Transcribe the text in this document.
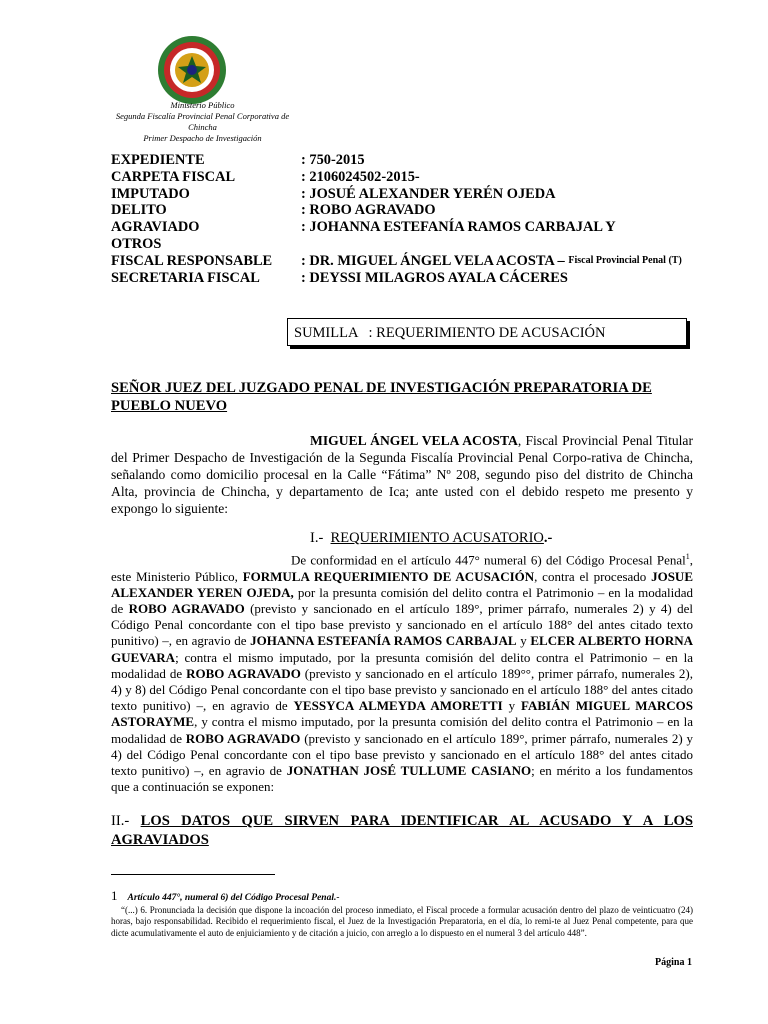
Ministerio Público
Segunda Fiscalía Provincial Penal Corporativa de Chincha
Primer Despacho de Investigación
EXPEDIENTE	: 750-2015
CARPETA FISCAL	: 2106024502-2015-
IMPUTADO	: JOSUÉ ALEXANDER YERÉN OJEDA
DELITO	: ROBO AGRAVADO
AGRAVIADO	: JOHANNA ESTEFANÍA RAMOS CARBAJAL Y
OTROS
FISCAL RESPONSABLE	: DR. MIGUEL ÁNGEL VELA ACOSTA –
Fiscal Provincial Penal (T)
SECRETARIA FISCAL	: DEYSSI MILAGROS AYALA CÁCERES
SUMILLA   : REQUERIMIENTO DE ACUSACIÓN
SEÑOR JUEZ DEL JUZGADO PENAL DE INVESTIGACIÓN PREPARATORIA DE PUEBLO NUEVO
MIGUEL ÁNGEL VELA ACOSTA, Fiscal Provincial Penal Titular del Primer Despacho de Investigación de la Segunda Fiscalía Provincial Penal Corpo-rativa de Chincha, señalando como domicilio procesal en la Calle “Fátima” Nº 208, segundo piso del distrito de Chincha Alta, provincia de Chincha, y departamento de Ica; ante usted con el debido respeto me presento y expongo lo siguiente:
I.- REQUERIMIENTO ACUSATORIO.-
De conformidad en el artículo 447° numeral 6) del Código Procesal Penal$^1$, este Ministerio Público, FORMULA REQUERIMIENTO DE ACUSACIÓN, contra el procesado JOSUE ALEXANDER YEREN OJEDA, por la presunta comisión del delito contra el Patrimonio – en la modalidad de ROBO AGRAVADO (previsto y sancionado en el artículo 189°, primer párrafo, numerales 2) y 4) del Código Penal concordante con el tipo base previsto y sancionado en el artículo 188° del antes citado texto punitivo) –, en agravio de JOHANNA ESTEFANÍA RAMOS CARBAJAL y ELCER ALBERTO HORNA GUEVARA; contra el mismo imputado, por la presunta comisión del delito contra el Patrimonio – en la modalidad de ROBO AGRAVADO (previsto y sancionado en el artículo 189°°, primer párrafo, numerales 2), 4) y 8) del Código Penal concordante con el tipo base previsto y sancionado en el artículo 188° del antes citado texto punitivo) –, en agravio de YESSYCA ALMEYDA AMORETTI y FABIÁN MIGUEL MARCOS ASTORAYME, y contra el mismo imputado, por la presunta comisión del delito contra el Patrimonio – en la modalidad de ROBO AGRAVADO (previsto y sancionado en el artículo 189°, primer párrafo, numerales 2) y 4) del Código Penal concordante con el tipo base previsto y sancionado en el artículo 188° del antes citado texto punitivo) –, en agravio de JONATHAN JOSÉ TULLUME CASIANO; en mérito a los fundamentos que a continuación se exponen:
II.- LOS DATOS QUE SIRVEN PARA IDENTIFICAR AL ACUSADO Y A LOS AGRAVIADOS
1 Artículo 447°, numeral 6) del Código Procesal Penal.-
“(...) 6. Pronunciada la decisión que dispone la incoación del proceso inmediato, el Fiscal procede a formular acusación dentro del plazo de veinticuatro (24) horas, bajo responsabilidad. Recibido el requerimiento fiscal, el Juez de la Investigación Preparatoria, en el día, lo remi-te al Juez Penal competente, para que dicte acumulativamente el auto de enjuiciamiento y de citación a juicio, con arreglo a lo dispuesto en el numeral 3 del artículo 448”.
Página 1
